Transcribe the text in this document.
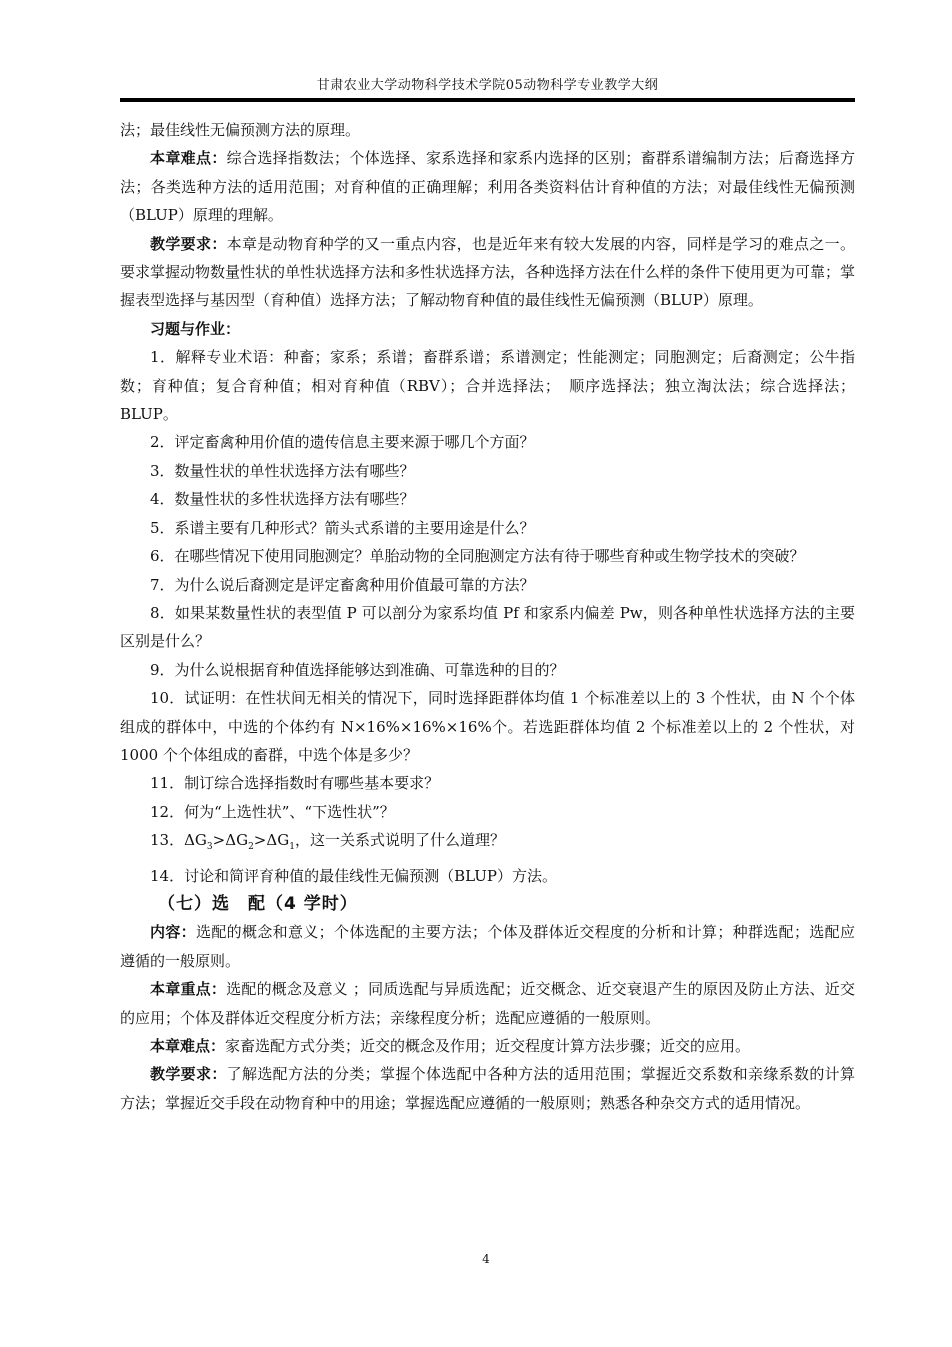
甘肃农业大学动物科学技术学院05动物科学专业教学大纲

法；最佳线性无偏预测方法的原理。

本章难点：综合选择指数法；个体选择、家系选择和家系内选择的区别；畜群系谱编制方法；后裔选择方法；各类选种方法的适用范围；对育种值的正确理解；利用各类资料估计育种值的方法；对最佳线性无偏预测（BLUP）原理的理解。

教学要求：本章是动物育种学的又一重点内容，也是近年来有较大发展的内容，同样是学习的难点之一。要求掌握动物数量性状的单性状选择方法和多性状选择方法，各种选择方法在什么样的条件下使用更为可靠；掌握表型选择与基因型（育种值）选择方法；了解动物育种值的最佳线性无偏预测（BLUP）原理。

习题与作业：

1．解释专业术语：种畜；家系；系谱；畜群系谱；系谱测定；性能测定；同胞测定；后裔测定；公牛指数；育种值；复合育种值；相对育种值（RBV）；合并选择法；　顺序选择法；独立淘汰法；综合选择法；BLUP。

2．评定畜禽种用价值的遗传信息主要来源于哪几个方面？

3．数量性状的单性状选择方法有哪些？

4．数量性状的多性状选择方法有哪些？

5．系谱主要有几种形式？箭头式系谱的主要用途是什么？

6．在哪些情况下使用同胞测定？单胎动物的全同胞测定方法有待于哪些育种或生物学技术的突破？

7．为什么说后裔测定是评定畜禽种用价值最可靠的方法？

8．如果某数量性状的表型值 P 可以剖分为家系均值 Pf 和家系内偏差 Pw，则各种单性状选择方法的主要区别是什么？

9．为什么说根据育种值选择能够达到准确、可靠选种的目的？

10．试证明：在性状间无相关的情况下，同时选择距群体均值 1 个标准差以上的 3 个性状，由 N 个个体组成的群体中，中选的个体约有 N×16%×16%×16%个。若选距群体均值 2 个标准差以上的 2 个性状，对 1000 个个体组成的畜群，中选个体是多少？

11．制订综合选择指数时有哪些基本要求？

12．何为“上选性状”、“下选性状”？

13．$\Delta G_3>\Delta G_2>\Delta G_1$，这一关系式说明了什么道理？

14．讨论和简评育种值的最佳线性无偏预测（BLUP）方法。

（七）选　配（4 学时）

内容：选配的概念和意义；个体选配的主要方法；个体及群体近交程度的分析和计算；种群选配；选配应遵循的一般原则。

本章重点：选配的概念及意义 ；同质选配与异质选配；近交概念、近交衰退产生的原因及防止方法、近交的应用；个体及群体近交程度分析方法；亲缘程度分析；选配应遵循的一般原则。

本章难点：家畜选配方式分类；近交的概念及作用；近交程度计算方法步骤；近交的应用。

教学要求：了解选配方法的分类；掌握个体选配中各种方法的适用范围；掌握近交系数和亲缘系数的计算方法；掌握近交手段在动物育种中的用途；掌握选配应遵循的一般原则；熟悉各种杂交方式的适用情况。

4
